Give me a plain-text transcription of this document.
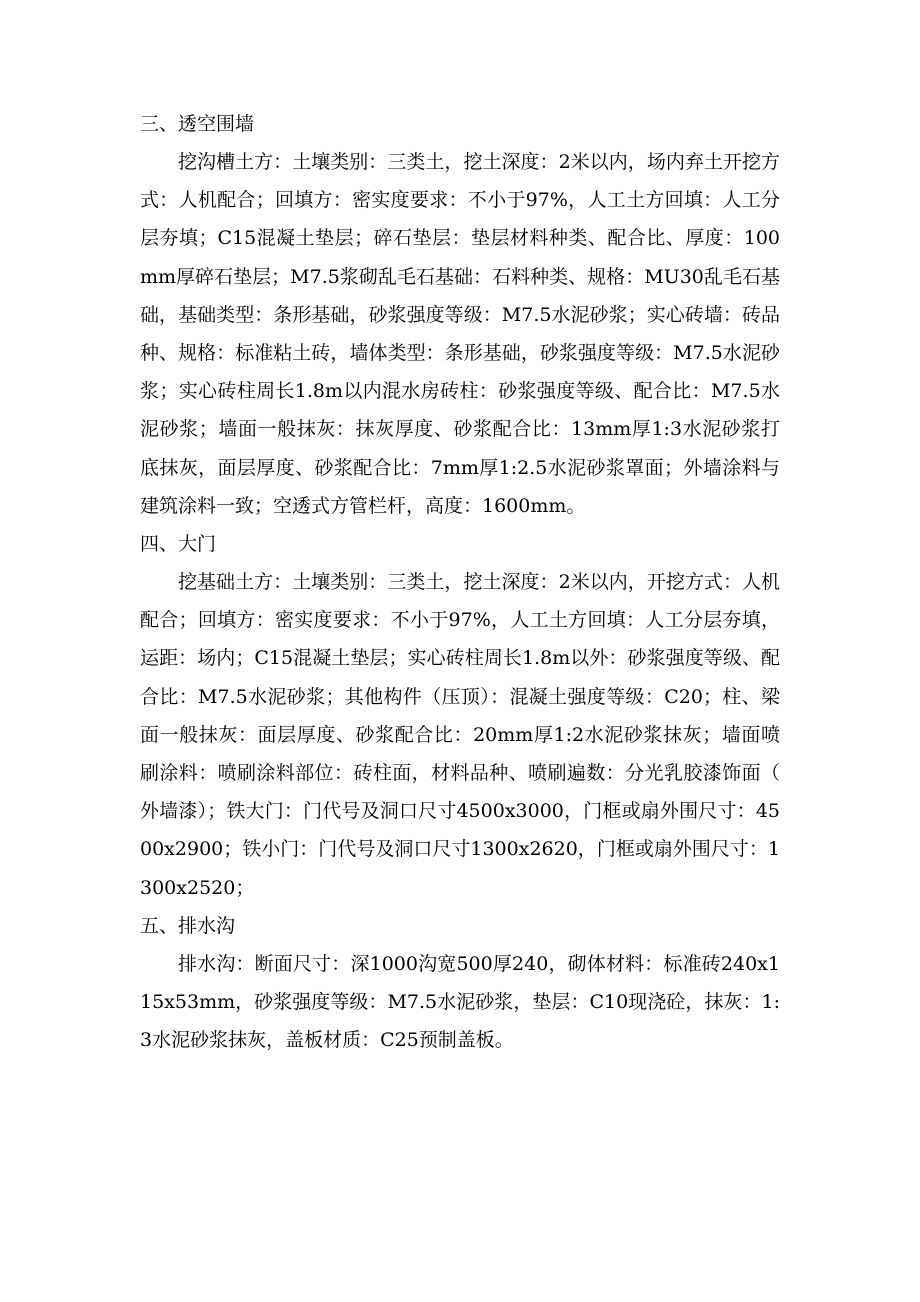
三、透空围墙

挖沟槽土方：土壤类别：三类土，挖土深度：2米以内，场内弃土开挖方式：人机配合；回填方：密实度要求：不小于97%，人工土方回填：人工分层夯填；C15混凝土垫层；碎石垫层：垫层材料种类、配合比、厚度：100mm厚碎石垫层；M7.5浆砌乱毛石基础：石料种类、规格：MU30乱毛石基础，基础类型：条形基础，砂浆强度等级：M7.5水泥砂浆；实心砖墙：砖品种、规格：标准粘土砖，墙体类型：条形基础，砂浆强度等级：M7.5水泥砂浆；实心砖柱周长1.8m以内混水房砖柱：砂浆强度等级、配合比：M7.5水泥砂浆；墙面一般抹灰：抹灰厚度、砂浆配合比：13mm厚1:3水泥砂浆打底抹灰，面层厚度、砂浆配合比：7mm厚1:2.5水泥砂浆罩面；外墙涂料与建筑涂料一致；空透式方管栏杆，高度：1600mm。

四、大门

挖基础土方：土壤类别：三类土，挖土深度：2米以内，开挖方式：人机配合；回填方：密实度要求：不小于97%，人工土方回填：人工分层夯填，运距：场内；C15混凝土垫层；实心砖柱周长1.8m以外：砂浆强度等级、配合比：M7.5水泥砂浆；其他构件（压顶）：混凝土强度等级：C20；柱、梁面一般抹灰：面层厚度、砂浆配合比：20mm厚1:2水泥砂浆抹灰；墙面喷刷涂料：喷刷涂料部位：砖柱面，材料品种、喷刷遍数：分光乳胶漆饰面（外墙漆）；铁大门：门代号及洞口尺寸4500x3000，门框或扇外围尺寸：4500x2900；铁小门：门代号及洞口尺寸1300x2620，门框或扇外围尺寸：1300x2520；

五、排水沟

排水沟：断面尺寸：深1000沟宽500厚240，砌体材料：标准砖240x115x53mm，砂浆强度等级：M7.5水泥砂浆，垫层：C10现浇砼，抹灰：1:3水泥砂浆抹灰，盖板材质：C25预制盖板。
